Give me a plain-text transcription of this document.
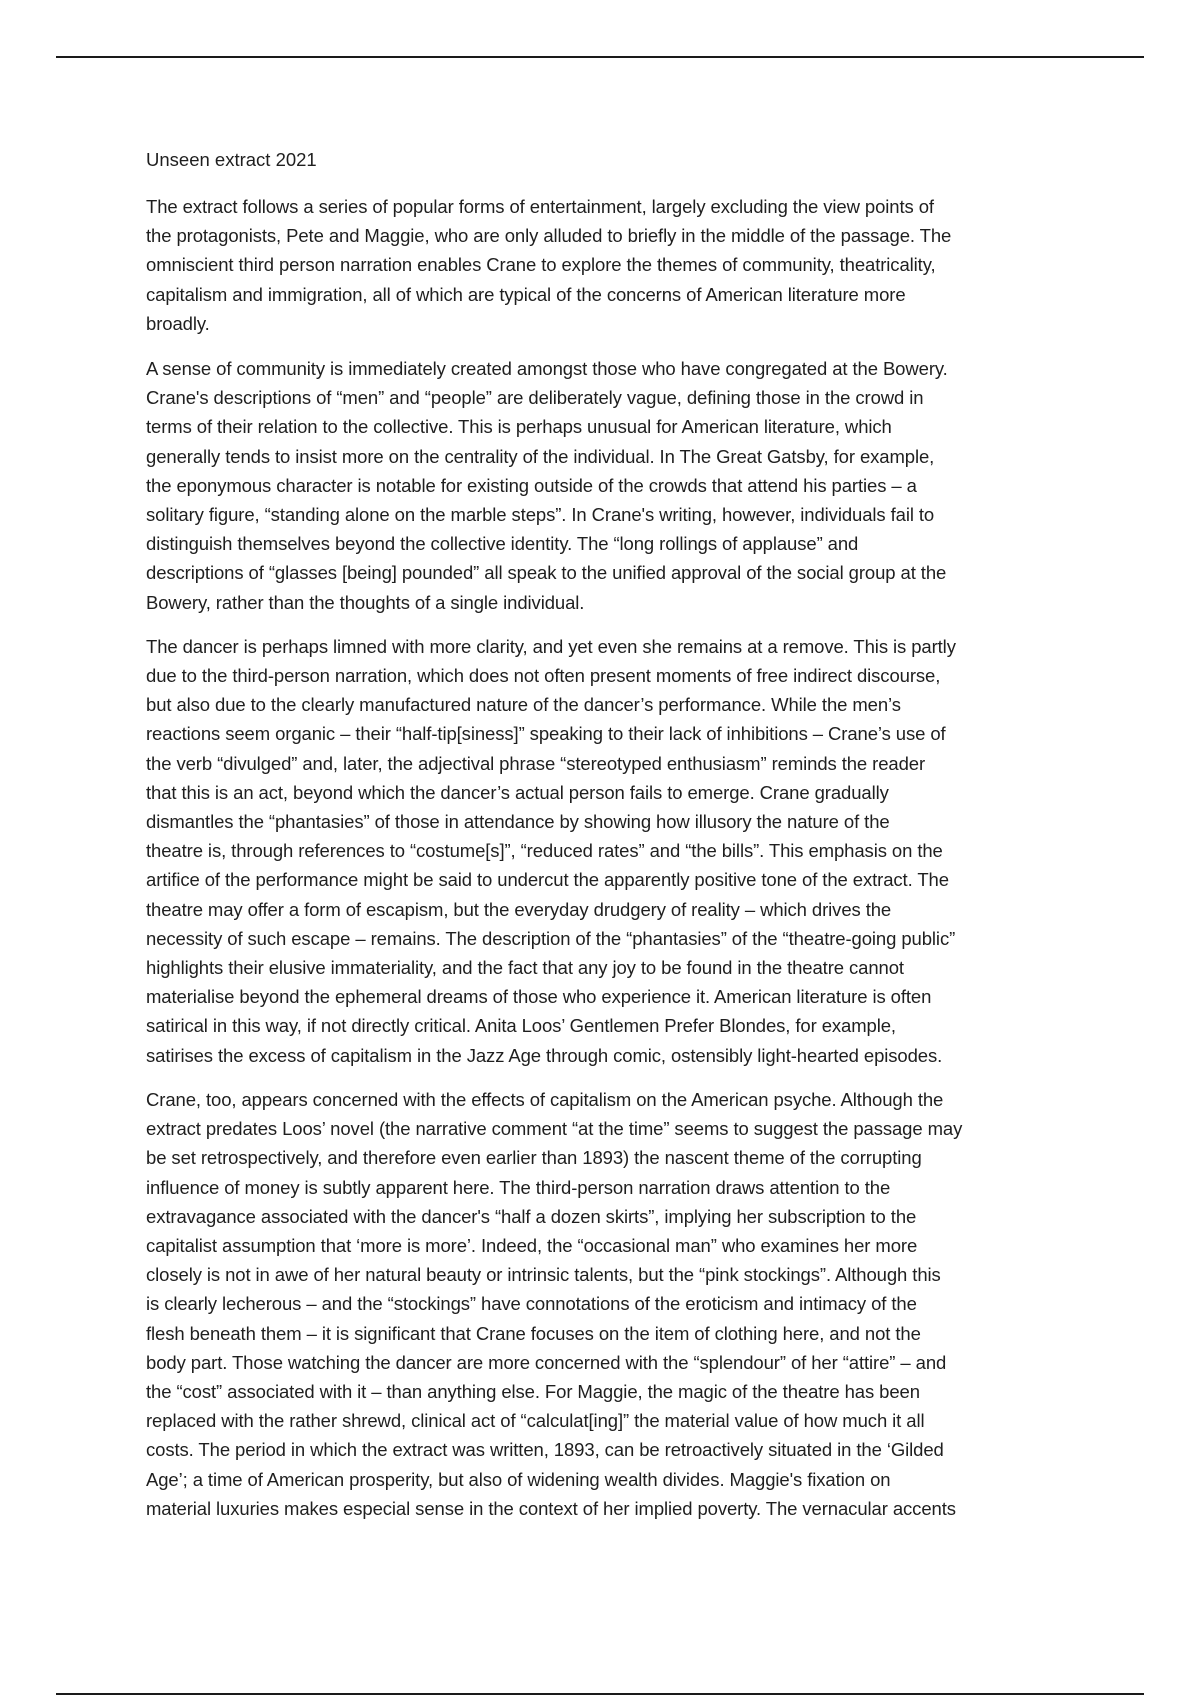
Unseen extract 2021

The extract follows a series of popular forms of entertainment, largely excluding the view points of
the protagonists, Pete and Maggie, who are only alluded to briefly in the middle of the passage. The
omniscient third person narration enables Crane to explore the themes of community, theatricality,
capitalism and immigration, all of which are typical of the concerns of American literature more
broadly.

A sense of community is immediately created amongst those who have congregated at the Bowery.
Crane's descriptions of “men” and “people” are deliberately vague, defining those in the crowd in
terms of their relation to the collective. This is perhaps unusual for American literature, which
generally tends to insist more on the centrality of the individual. In The Great Gatsby, for example,
the eponymous character is notable for existing outside of the crowds that attend his parties – a
solitary figure, “standing alone on the marble steps”. In Crane's writing, however, individuals fail to
distinguish themselves beyond the collective identity. The “long rollings of applause” and
descriptions of “glasses [being] pounded” all speak to the unified approval of the social group at the
Bowery, rather than the thoughts of a single individual.

The dancer is perhaps limned with more clarity, and yet even she remains at a remove. This is partly
due to the third-person narration, which does not often present moments of free indirect discourse,
but also due to the clearly manufactured nature of the dancer’s performance. While the men’s
reactions seem organic – their “half-tip[siness]” speaking to their lack of inhibitions – Crane’s use of
the verb “divulged” and, later, the adjectival phrase “stereotyped enthusiasm” reminds the reader
that this is an act, beyond which the dancer’s actual person fails to emerge. Crane gradually
dismantles the “phantasies” of those in attendance by showing how illusory the nature of the
theatre is, through references to “costume[s]”, “reduced rates” and “the bills”. This emphasis on the
artifice of the performance might be said to undercut the apparently positive tone of the extract. The
theatre may offer a form of escapism, but the everyday drudgery of reality – which drives the
necessity of such escape – remains. The description of the “phantasies” of the “theatre-going public”
highlights their elusive immateriality, and the fact that any joy to be found in the theatre cannot
materialise beyond the ephemeral dreams of those who experience it. American literature is often
satirical in this way, if not directly critical. Anita Loos’ Gentlemen Prefer Blondes, for example,
satirises the excess of capitalism in the Jazz Age through comic, ostensibly light-hearted episodes.

Crane, too, appears concerned with the effects of capitalism on the American psyche. Although the
extract predates Loos’ novel (the narrative comment “at the time” seems to suggest the passage may
be set retrospectively, and therefore even earlier than 1893) the nascent theme of the corrupting
influence of money is subtly apparent here. The third-person narration draws attention to the
extravagance associated with the dancer's “half a dozen skirts”, implying her subscription to the
capitalist assumption that ‘more is more’. Indeed, the “occasional man” who examines her more
closely is not in awe of her natural beauty or intrinsic talents, but the “pink stockings”. Although this
is clearly lecherous – and the “stockings” have connotations of the eroticism and intimacy of the
flesh beneath them – it is significant that Crane focuses on the item of clothing here, and not the
body part. Those watching the dancer are more concerned with the “splendour” of her “attire” – and
the “cost” associated with it – than anything else. For Maggie, the magic of the theatre has been
replaced with the rather shrewd, clinical act of “calculat[ing]” the material value of how much it all
costs. The period in which the extract was written, 1893, can be retroactively situated in the ‘Gilded
Age’; a time of American prosperity, but also of widening wealth divides. Maggie's fixation on
material luxuries makes especial sense in the context of her implied poverty. The vernacular accents
